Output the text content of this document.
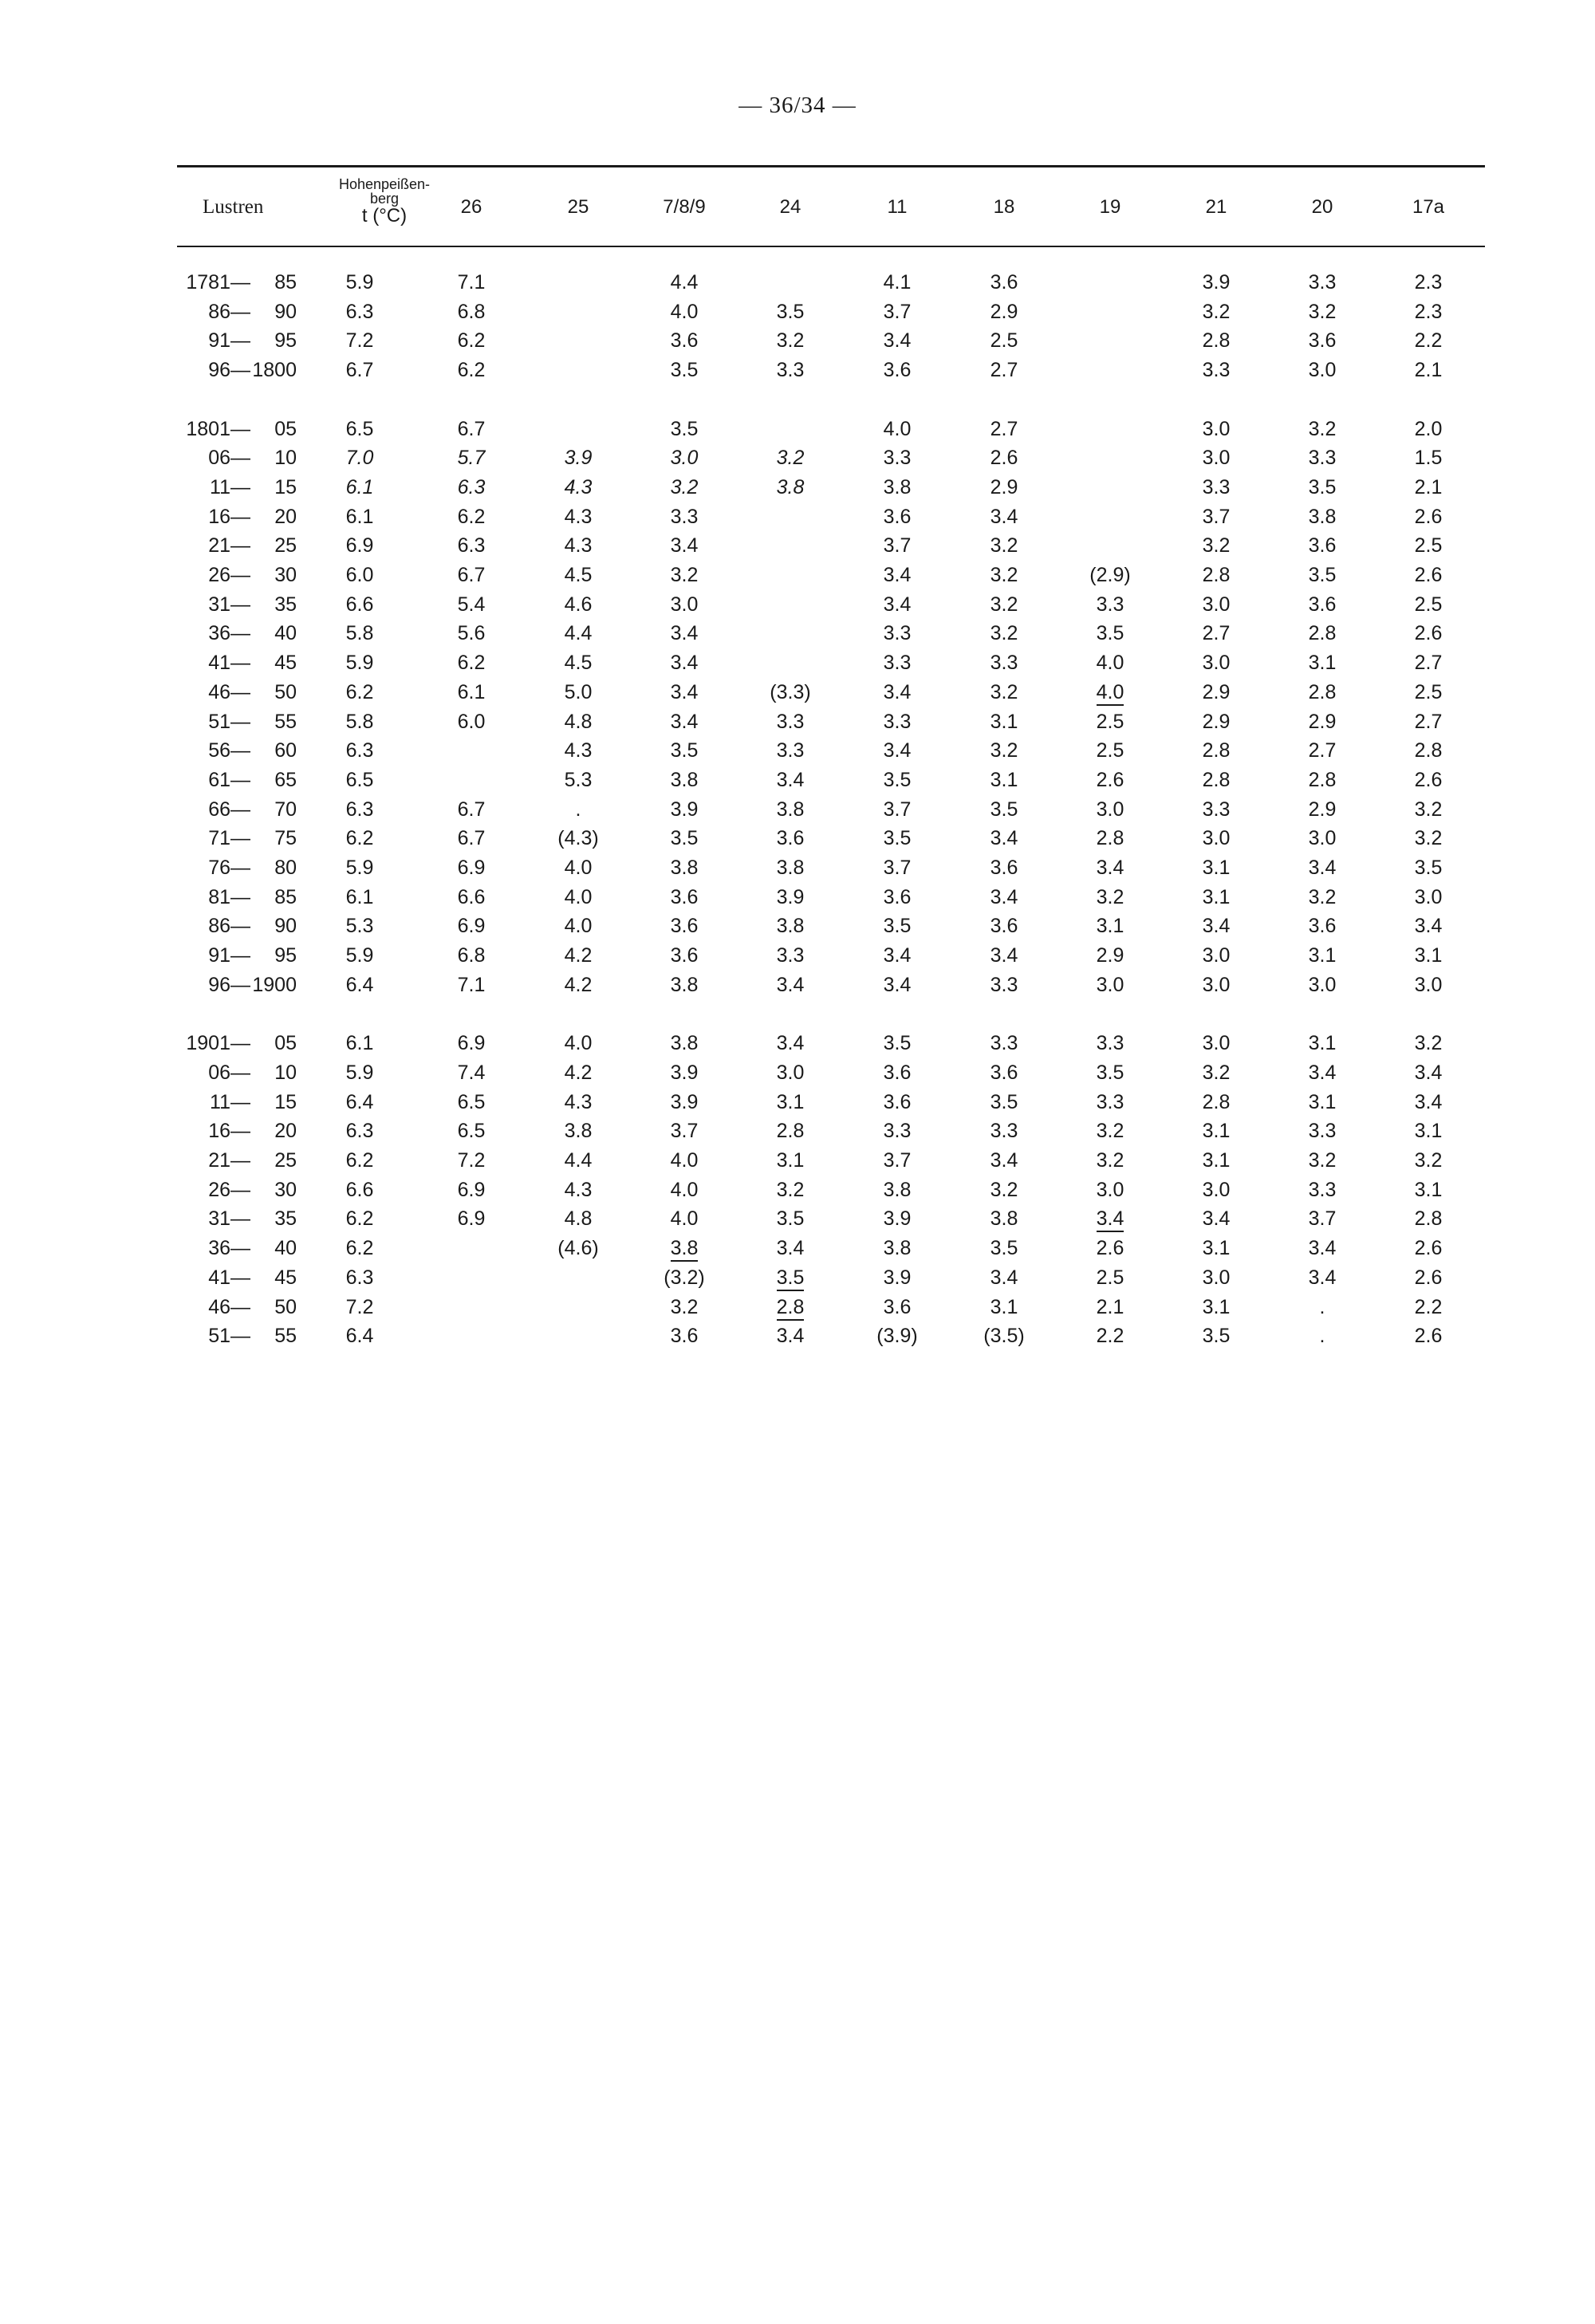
— 36/34 —
Lustren
Hohenpeißen-
berg
t (°C)	26	25	7/8/9	24	11	18	19	21	20	17a
1781— 85	5.9	7.1		4.4		4.1	3.6		3.9	3.3	2.3
86— 90	6.3	6.8		4.0	3.5	3.7	2.9		3.2	3.2	2.3
91— 95	7.2	6.2		3.6	3.2	3.4	2.5		2.8	3.6	2.2
96—1800	6.7	6.2		3.5	3.3	3.6	2.7		3.3	3.0	2.1

1801— 05	6.5	6.7		3.5		4.0	2.7		3.0	3.2	2.0
06— 10	7.0	5.7	3.9	3.0	3.2	3.3	2.6		3.0	3.3	1.5
11— 15	6.1	6.3	4.3	3.2	3.8	3.8	2.9		3.3	3.5	2.1
16— 20	6.1	6.2	4.3	3.3		3.6	3.4		3.7	3.8	2.6
21— 25	6.9	6.3	4.3	3.4		3.7	3.2		3.2	3.6	2.5
26— 30	6.0	6.7	4.5	3.2		3.4	3.2	(2.9)	2.8	3.5	2.6
31— 35	6.6	5.4	4.6	3.0		3.4	3.2	3.3	3.0	3.6	2.5
36— 40	5.8	5.6	4.4	3.4		3.3	3.2	3.5	2.7	2.8	2.6
41— 45	5.9	6.2	4.5	3.4		3.3	3.3	4.0	3.0	3.1	2.7
46— 50	6.2	6.1	5.0	3.4	(3.3)	3.4	3.2	4.0	2.9	2.8	2.5
51— 55	5.8	6.0	4.8	3.4	3.3	3.3	3.1	2.5	2.9	2.9	2.7
56— 60	6.3		4.3	3.5	3.3	3.4	3.2	2.5	2.8	2.7	2.8
61— 65	6.5		5.3	3.8	3.4	3.5	3.1	2.6	2.8	2.8	2.6
66— 70	6.3	6.7	.	3.9	3.8	3.7	3.5	3.0	3.3	2.9	3.2
71— 75	6.2	6.7	(4.3)	3.5	3.6	3.5	3.4	2.8	3.0	3.0	3.2
76— 80	5.9	6.9	4.0	3.8	3.8	3.7	3.6	3.4	3.1	3.4	3.5
81— 85	6.1	6.6	4.0	3.6	3.9	3.6	3.4	3.2	3.1	3.2	3.0
86— 90	5.3	6.9	4.0	3.6	3.8	3.5	3.6	3.1	3.4	3.6	3.4
91— 95	5.9	6.8	4.2	3.6	3.3	3.4	3.4	2.9	3.0	3.1	3.1
96—1900	6.4	7.1	4.2	3.8	3.4	3.4	3.3	3.0	3.0	3.0	3.0

1901— 05	6.1	6.9	4.0	3.8	3.4	3.5	3.3	3.3	3.0	3.1	3.2
06— 10	5.9	7.4	4.2	3.9	3.0	3.6	3.6	3.5	3.2	3.4	3.4
11— 15	6.4	6.5	4.3	3.9	3.1	3.6	3.5	3.3	2.8	3.1	3.4
16— 20	6.3	6.5	3.8	3.7	2.8	3.3	3.3	3.2	3.1	3.3	3.1
21— 25	6.2	7.2	4.4	4.0	3.1	3.7	3.4	3.2	3.1	3.2	3.2
26— 30	6.6	6.9	4.3	4.0	3.2	3.8	3.2	3.0	3.0	3.3	3.1
31— 35	6.2	6.9	4.8	4.0	3.5	3.9	3.8	3.4	3.4	3.7	2.8
36— 40	6.2		(4.6)	3.8	3.4	3.8	3.5	2.6	3.1	3.4	2.6
41— 45	6.3			(3.2)	3.5	3.9	3.4	2.5	3.0	3.4	2.6
46— 50	7.2			3.2	2.8	3.6	3.1	2.1	3.1	.	2.2
51— 55	6.4			3.6	3.4	(3.9)	(3.5)	2.2	3.5	.	2.6
